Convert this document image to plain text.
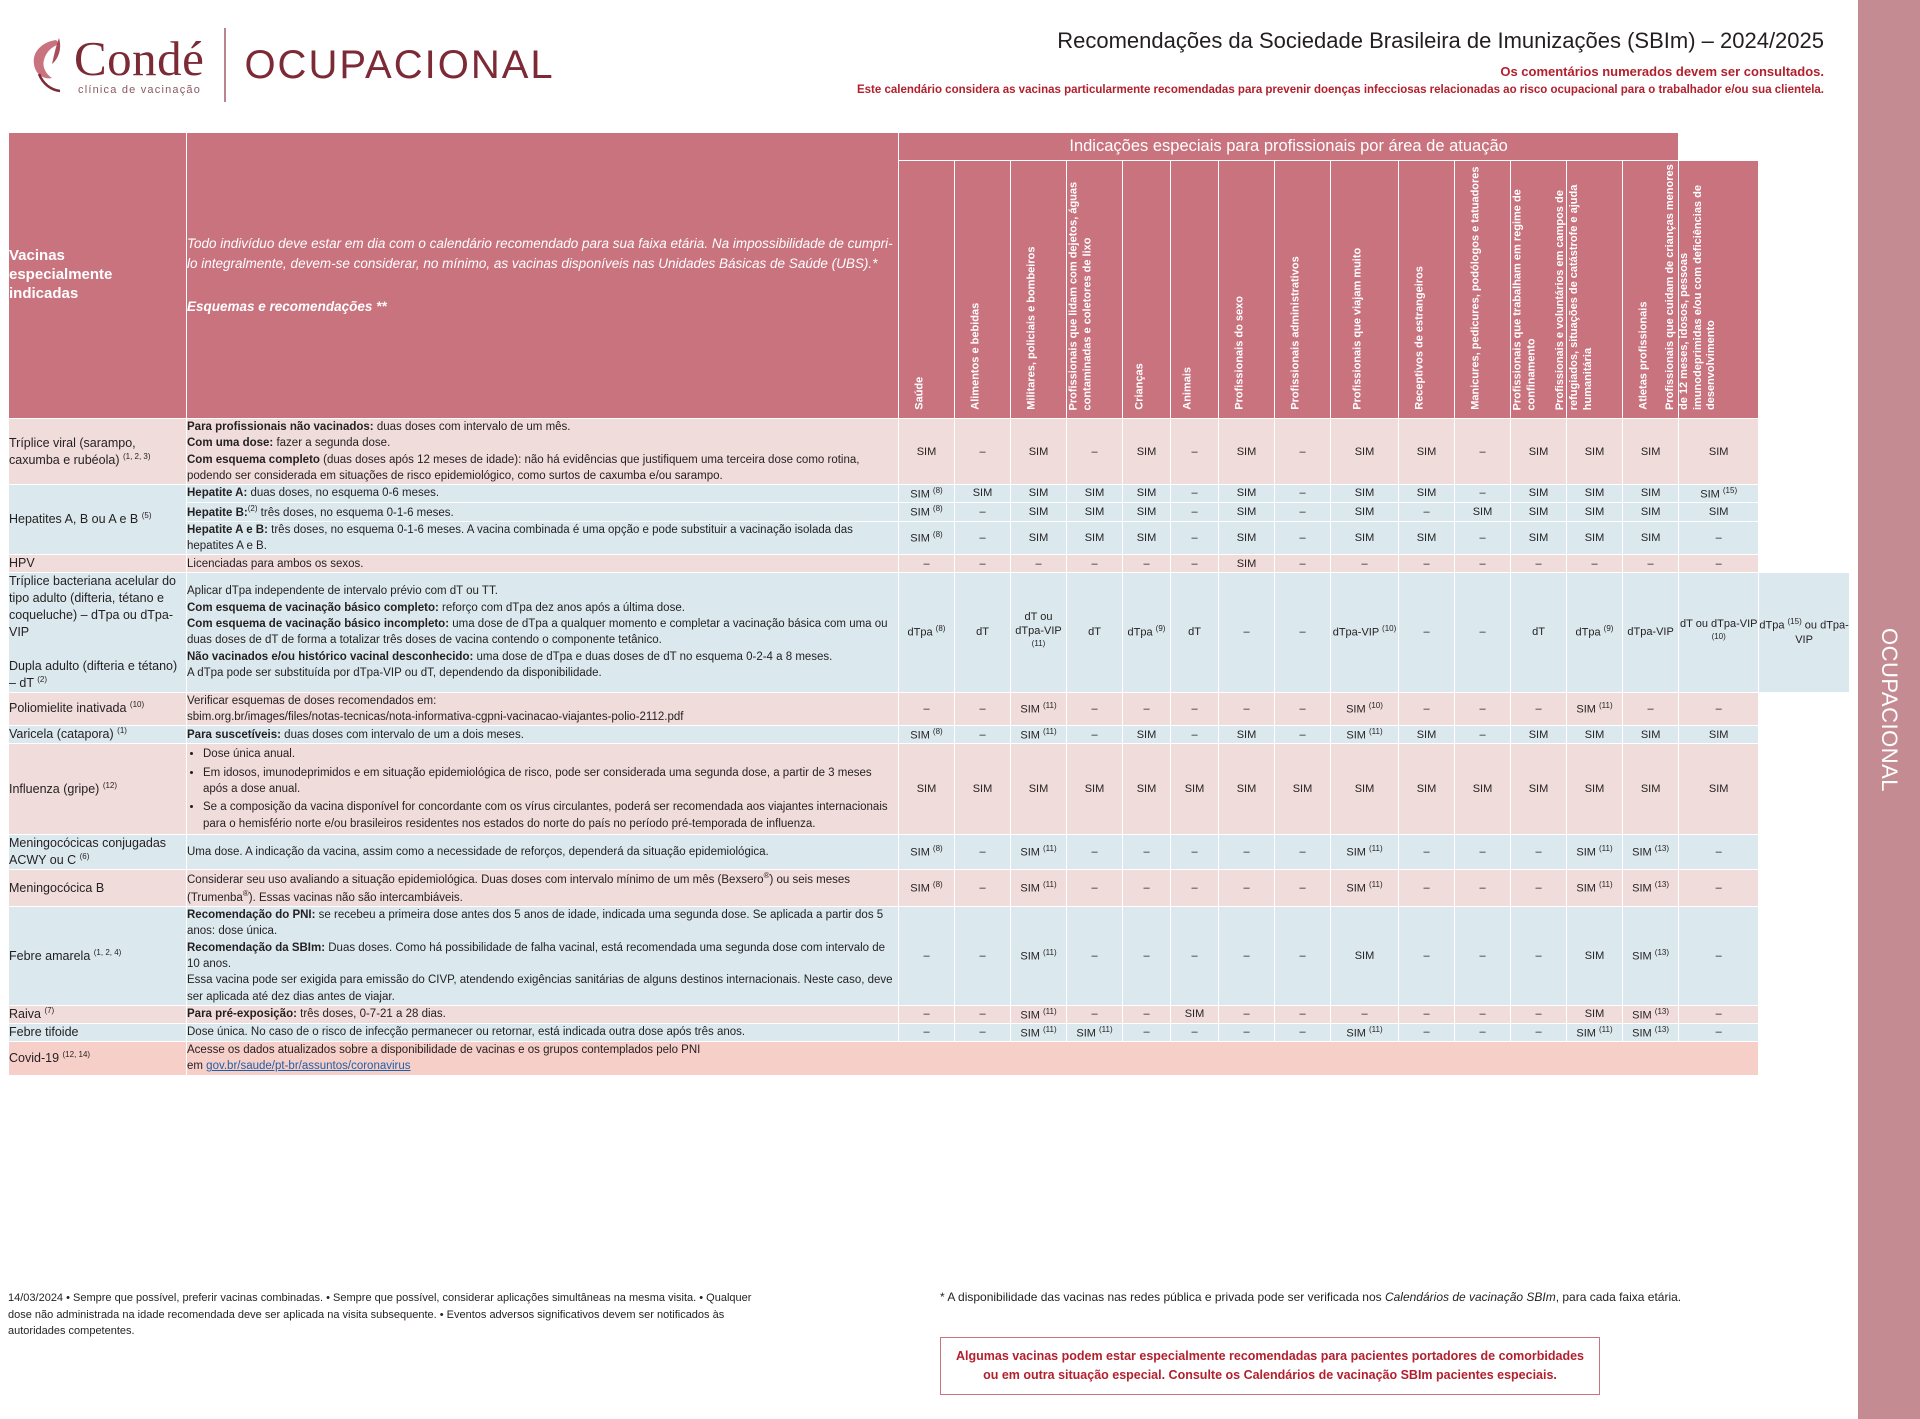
OCUPACIONAL
Condé
clínica de vacinação
OCUPACIONAL
Recomendações da Sociedade Brasileira de Imunizações (SBIm) – 2024/2025
Os comentários numerados devem ser consultados.
Este calendário considera as vacinas particularmente recomendadas para prevenir doenças infecciosas relacionadas ao risco ocupacional para o trabalhador e/ou sua clientela.
Vacinas
especialmente
indicadas	Todo indivíduo deve estar em dia com o calendário recomendado para sua faixa etária. Na impossibilidade de cumpri-lo integralmente, devem-se considerar, no mínimo, as vacinas disponíveis nas Unidades Básicas de Saúde (UBS).*
Esquemas e recomendações **
	Indicações especiais para profissionais por área de atuação	

		Saúde	Alimentos e bebidas	Militares, policiais e bombeiros	Profissionais que lidam com dejetos, águas contaminadas e coletores de lixo	Crianças	Animais	Profissionais do sexo	Profissionais administrativos	Profissionais que viajam muito	Receptivos de estrangeiros	Manicures, pedicures, podólogos e tatuadores	Profissionais que trabalham em regime de confinamento	Profissionais e voluntários em campos de refugiados, situações de catástrofe e ajuda humanitária	Atletas profissionais	Profissionais que cuidam de crianças menores de 12 meses, idosos, pessoas imunodeprimidas e/ou com deficiências de desenvolvimento	

Tríplice viral (sarampo, caxumba e rubéola) $^{(1, 2, 3)}$	Para profissionais não vacinados: duas doses com intervalo de um mês.
Com uma dose: fazer a segunda dose.
Com esquema completo (duas doses após 12 meses de idade): não há evidências que justifiquem uma terceira dose como rotina, podendo ser considerada em situações de risco epidemiológico, como surtos de caxumba e/ou sarampo.	SIM	–	SIM	–	SIM	–	SIM	–	SIM	SIM	–	SIM	SIM	SIM	SIM	
Hepatites A, B ou A e B $^{(5)}$	Hepatite A: duas doses, no esquema 0-6 meses.	SIM $^{(8)}$	SIM	SIM	SIM	SIM	–	SIM	–	SIM	SIM	–	SIM	SIM	SIM	SIM $^{(15)}$
	Hepatite B:$^{(2)}$ três doses, no esquema 0-1-6 meses.	SIM $^{(8)}$	–	SIM	SIM	SIM	–	SIM	–	SIM	–	SIM	SIM	SIM	SIM	SIM	
	Hepatite A e B: três doses, no esquema 0-1-6 meses. A vacina combinada é uma opção e pode substituir a vacinação isolada das hepatites A e B.	SIM $^{(8)}$	–	SIM	SIM	SIM	–	SIM	–	SIM	SIM	–	SIM	SIM	SIM	–	
HPV	Licenciadas para ambos os sexos.	–	–	–	–	–	–	SIM	–	–	–	–	–	–	–	–	
Tríplice bacteriana acelular do tipo adulto (difteria, tétano e coqueluche) – dTpa ou dTpa-VIP

Dupla adulto (difteria e tétano) – dT $^{(2)}$	Aplicar dTpa independente de intervalo prévio com dT ou TT.
Com esquema de vacinação básico completo: reforço com dTpa dez anos após a última dose.
Com esquema de vacinação básico incompleto: uma dose de dTpa a qualquer momento e completar a vacinação básica com uma ou duas doses de dT de forma a totalizar três doses de vacina contendo o componente tetânico.
Não vacinados e/ou histórico vacinal desconhecido: uma dose de dTpa e duas doses de dT no esquema 0-2-4 a 8 meses.
A dTpa pode ser substituída por dTpa-VIP ou dT, dependendo da disponibilidade.	dTpa $^{(8)}$	dT	dT ou dTpa-VIP $^{(11)}$	dT	dTpa $^{(9)}$	dT	–	–	dTpa-VIP $^{(10)}$	–	–	dT	dTpa $^{(9)}$	dTpa-VIP	dT ou dTpa-VIP $^{(10)}$	dTpa $^{(15)}$ ou dTpa-VIP
Poliomielite inativada $^{(10)}$	Verificar esquemas de doses recomendados em:
sbim.org.br/images/files/notas-tecnicas/nota-informativa-cgpni-vacinacao-viajantes-polio-2112.pdf	–	–	SIM $^{(11)}$	–	–	–	–	–	SIM $^{(10)}$	–	–	–	SIM $^{(11)}$	–	–	
Varicela (catapora) $^{(1)}$	Para suscetíveis: duas doses com intervalo de um a dois meses.	SIM $^{(8)}$	–	SIM $^{(11)}$	–	SIM	–	SIM	–	SIM $^{(11)}$	SIM	–	SIM	SIM	SIM	SIM	
Influenza (gripe) $^{(12)}$	
• Dose única anual.
• Em idosos, imunodeprimidos e em situação epidemiológica de risco, pode ser considerada uma segunda dose, a partir de 3 meses após a dose anual.
• Se a composição da vacina disponível for concordante com os vírus circulantes, poderá ser recomendada aos viajantes internacionais para o hemisfério norte e/ou brasileiros residentes nos estados do norte do país no período pré-temporada de influenza.
	SIM	SIM	SIM	SIM	SIM	SIM	SIM	SIM	SIM	SIM	SIM	SIM	SIM	SIM	SIM
Meningocócicas conjugadas ACWY ou C $^{(6)}$	Uma dose. A indicação da vacina, assim como a necessidade de reforços, dependerá da situação epidemiológica.	SIM $^{(8)}$	–	SIM $^{(11)}$	–	–	–	–	–	SIM $^{(11)}$	–	–	–	SIM $^{(11)}$	SIM $^{(13)}$	–	
Meningocócica B	Considerar seu uso avaliando a situação epidemiológica. Duas doses com intervalo mínimo de um mês (Bexsero®) ou seis meses (Trumenba®). Essas vacinas não são intercambiáveis.	SIM $^{(8)}$	–	SIM $^{(11)}$	–	–	–	–	–	SIM $^{(11)}$	–	–	–	SIM $^{(11)}$	SIM $^{(13)}$	–	
Febre amarela $^{(1, 2, 4)}$	Recomendação do PNI: se recebeu a primeira dose antes dos 5 anos de idade, indicada uma segunda dose. Se aplicada a partir dos 5 anos: dose única.
Recomendação da SBIm: Duas doses. Como há possibilidade de falha vacinal, está recomendada uma segunda dose com intervalo de 10 anos.
Essa vacina pode ser exigida para emissão do CIVP, atendendo exigências sanitárias de alguns destinos internacionais. Neste caso, deve ser aplicada até dez dias antes de viajar.	–	–	SIM $^{(11)}$	–	–	–	–	–	SIM	–	–	–	SIM	SIM $^{(13)}$	–	
Raiva $^{(7)}$	Para pré-exposição: três doses, 0-7-21 a 28 dias.	–	–	SIM $^{(11)}$	–	–	SIM	–	–	–	–	–	–	SIM	SIM $^{(13)}$	–	
Febre tifoide	Dose única. No caso de o risco de infecção permanecer ou retornar, está indicada outra dose após três anos.	–	–	SIM $^{(11)}$	SIM $^{(11)}$	–	–	–	–	SIM $^{(11)}$	–	–	–	SIM $^{(11)}$	SIM $^{(13)}$	–	
Covid-19 $^{(12, 14)}$	Acesse os dados atualizados sobre a disponibilidade de vacinas e os grupos contemplados pelo PNI
em gov.br/saude/pt-br/assuntos/coronavirus																
14/03/2024 • Sempre que possível, preferir vacinas combinadas. • Sempre que possível, considerar aplicações simultâneas na mesma visita. • Qualquer dose não administrada na idade recomendada deve ser aplicada na visita subsequente. • Eventos adversos significativos devem ser notificados às autoridades competentes.
* A disponibilidade das vacinas nas redes pública e privada pode ser verificada nos Calendários de vacinação SBIm, para cada faixa etária.
Algumas vacinas podem estar especialmente recomendadas para pacientes portadores de comorbidades ou em outra situação especial. Consulte os Calendários de vacinação SBIm pacientes especiais.
